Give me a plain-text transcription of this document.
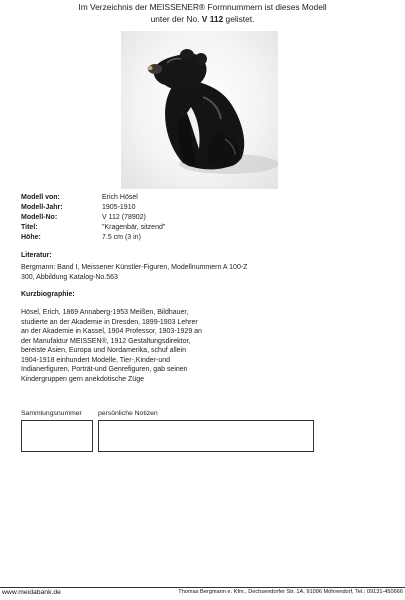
Im Verzeichnis der MEISSENER® Formnummern ist dieses Modell
unter der No. V 112 gelistet.
Modell von:	Erich Hösel
Modell-Jahr:	1905-1910
Modell-No:	V 112 (78902)
Titel:	"Kragenbär, sitzend"
Höhe:	7.5 cm (3 in)
Literatur:
Bergmann: Band I, Meissener Künstler-Figuren, Modellnummern A 100-Z 300, Abbildung Katalog-No.563
Kurzbiographie:
Hösel, Erich, 1869 Annaberg-1953 Meißen, Bildhauer, studierte an der Akademie in Dresden, 1899-1903 Lehrer an der Akademie in Kassel, 1904 Professor, 1903-1929 an der Manufaktur MEISSEN®, 1912 Gestaltungsdirektor, bereiste Asien, Europa und Nordamerika, schuf allein 1904-1918 einhundert Modelle, Tier-,Kinder-und Indianerfiguren, Porträt-und Genrefiguren, gab seinen Kindergruppen gern anekdotische Züge
Sammlungsnummer persönliche Notizen
www.meidabank.de	Thomas Bergmann e. Kfm., Dechsendorfer Str. 1A, 91096 Möhrendorf, Tel.: 09131-450666
